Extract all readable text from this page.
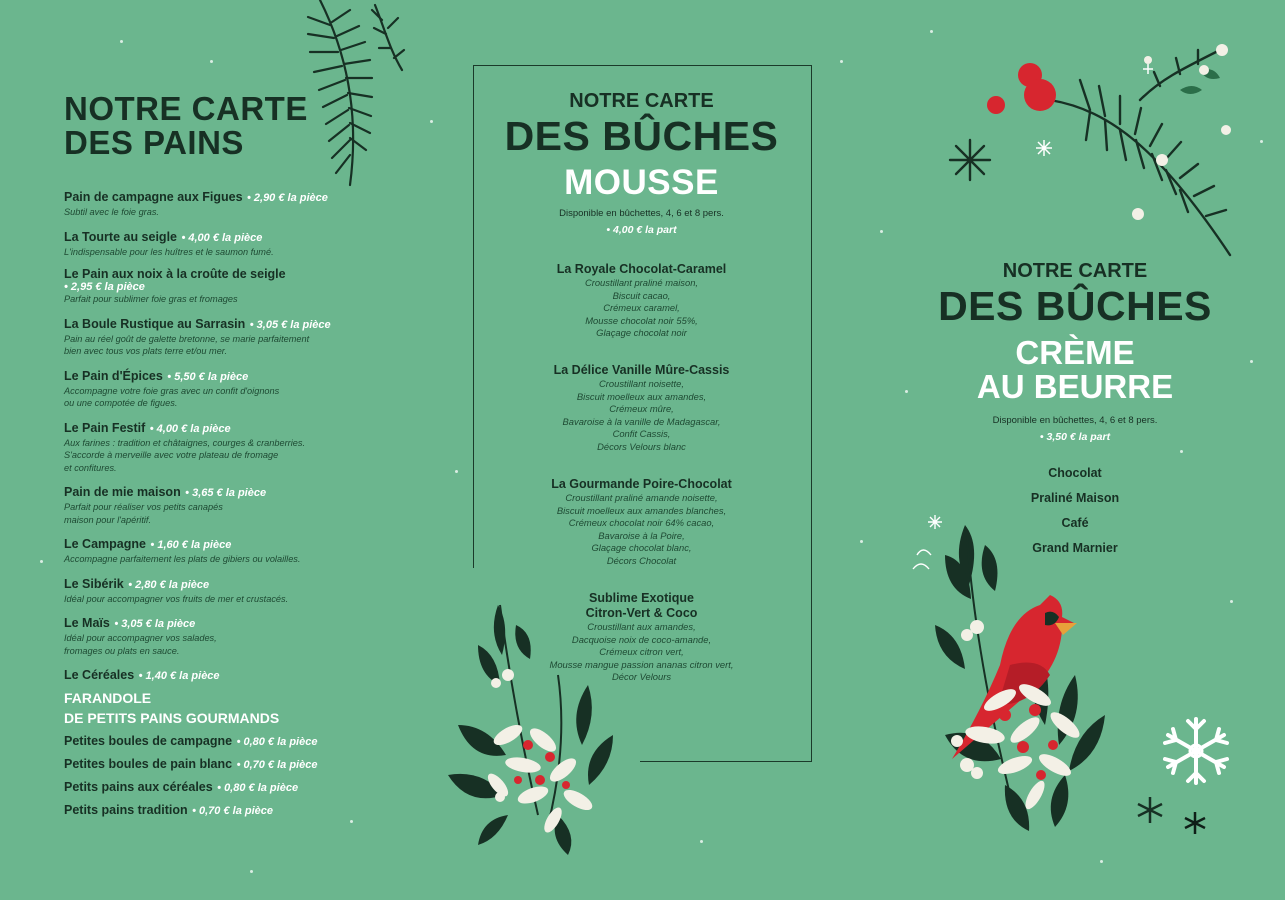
NOTRE CARTE
DES PAINS
Pain de campagne aux Figues • 2,90 € la pièce
Subtil avec le foie gras.
La Tourte au seigle • 4,00 € la pièce
L'indispensable pour les huîtres et le saumon fumé.
Le Pain aux noix à la croûte de seigle
• 2,95 € la pièce
Parfait pour sublimer foie gras et fromages
La Boule Rustique au Sarrasin • 3,05 € la pièce
Pain au réel goût de galette bretonne, se marie parfaitement
bien avec tous vos plats terre et/ou mer.
Le Pain d'Épices • 5,50 € la pièce
Accompagne votre foie gras avec un confit d'oignons
ou une compotée de figues.
Le Pain Festif • 4,00 € la pièce
Aux farines : tradition et châtaignes, courges & cranberries.
S'accorde à merveille avec votre plateau de fromage
et confitures.
Pain de mie maison • 3,65 € la pièce
Parfait pour réaliser vos petits canapés
maison pour l'apéritif.
Le Campagne • 1,60 € la pièce
Accompagne parfaitement les plats de gibiers ou volailles.
Le Sibérik • 2,80 € la pièce
Idéal pour accompagner vos fruits de mer et crustacés.
Le Maïs • 3,05 € la pièce
Idéal pour accompagner vos salades,
fromages ou plats en sauce.
Le Céréales • 1,40 € la pièce
FARANDOLE
DE PETITS PAINS GOURMANDS
Petites boules de campagne • 0,80 € la pièce
Petites boules de pain blanc • 0,70 € la pièce
Petits pains aux céréales • 0,80 € la pièce
Petits pains tradition • 0,70 € la pièce
NOTRE CARTE
DES BÛCHES
MOUSSE
Disponible en bûchettes, 4, 6 et 8 pers.
• 4,00 € la part
La Royale Chocolat-Caramel
Croustillant praliné maison,
Biscuit cacao,
Crémeux caramel,
Mousse chocolat noir 55%,
Glaçage chocolat noir
La Délice Vanille Mûre-Cassis
Croustillant noisette,
Biscuit moelleux aux amandes,
Crémeux mûre,
Bavaroise à la vanille de Madagascar,
Confit Cassis,
Décors Velours blanc
La Gourmande Poire-Chocolat
Croustillant praliné amande noisette,
Biscuit moelleux aux amandes blanches,
Crémeux chocolat noir 64% cacao,
Bavaroise à la Poire,
Glaçage chocolat blanc,
Décors Chocolat
Sublime Exotique
Citron-Vert & Coco
Croustillant aux amandes,
Dacquoise noix de coco-amande,
Crémeux citron vert,
Mousse mangue passion ananas citron vert,
Décor Velours
NOTRE CARTE
DES BÛCHES
CRÈME
AU BEURRE
Disponible en bûchettes, 4, 6 et 8 pers.
• 3,50 € la part
Chocolat
Praliné Maison
Café
Grand Marnier
